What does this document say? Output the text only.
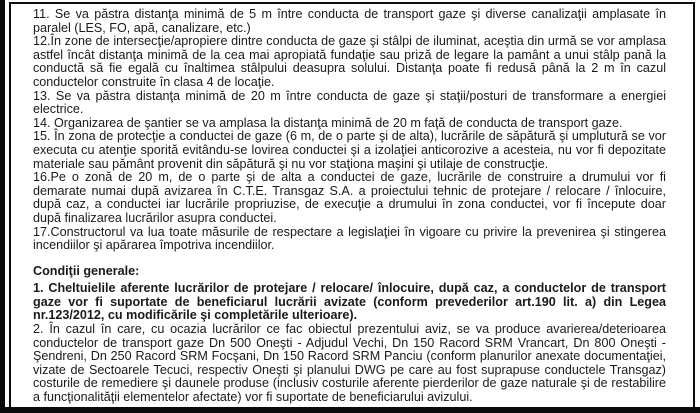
11. Se va păstra distanţa minimă de 5 m între conducta de transport gaze şi diverse canalizaţii amplasate în paralel (LES, FO, apă, canalizare, etc.)

12.În zone de intersecţie/apropiere dintre conducta de gaze şi stâlpi de iluminat, aceştia din urmă se vor amplasa astfel încât distanţa minimă de la cea mai apropiată fundaţie sau priză de legare la pamânt a unui stâlp pană la conductă să fie egală cu înaltimea stâlpului deasupra solului. Distanţa poate fi redusă până la 2 m în cazul conductelor construite în clasa 4 de locaţie.

13. Se va păstra distanţa minimă de 20 m între conducta de gaze şi staţii/posturi de transformare a energiei electrice.

14. Organizarea de şantier se va amplasa la distanţa minimă de 20 m faţă de conducta de transport gaze.

15. În zona de protecţie a conductei de gaze (6 m, de o parte şi de alta), lucrările de săpătură şi umplutură se vor executa cu atenţie sporită evitându-se lovirea conductei şi a izolaţiei anticorozive a acesteia, nu vor fi depozitate materiale sau pământ provenit din săpătură şi nu vor staţiona maşini şi utilaje de construcţie.

16.Pe o zonă de 20 m, de o parte şi de alta a conductei de gaze, lucrările de construire a drumului vor fi demarate numai după avizarea în C.T.E. Transgaz S.A. a proiectului tehnic de protejare / relocare / înlocuire, după caz, a conductei iar lucrările propriuzise, de execuţie a drumului în zona conductei, vor fi începute doar după finalizarea lucrărilor asupra conductei.

17.Constructorul va lua toate măsurile de respectare a legislaţiei în vigoare cu privire la prevenirea şi stingerea incendiilor şi apărarea împotriva incendiilor.

Condiţii generale:

1. Cheltuielile aferente lucrărilor de protejare / relocare/ înlocuire, după caz, a conductelor de transport gaze vor fi suportate de beneficiarul lucrării avizate (conform prevederilor art.190 lit. a) din Legea nr.123/2012, cu modificările şi completările ulterioare).

2. În cazul în care, cu ocazia lucrărilor ce fac obiectul prezentului aviz, se va produce avarierea/deterioarea conductelor de transport gaze Dn 500 Oneşti - Adjudul Vechi, Dn 150 Racord SRM Vrancart, Dn 800 Oneşti - Şendreni, Dn 250 Racord SRM Focşani, Dn 150 Racord SRM Panciu (conform planurilor anexate documentaţiei, vizate de Sectoarele Tecuci, respectiv Oneşti şi planului DWG pe care au fost suprapuse conductele Transgaz) costurile de remediere şi daunele produse (inclusiv costurile aferente pierderilor de gaze naturale şi de restabilire a funcţionalităţii elementelor afectate) vor fi suportate de beneficiarului avizului.
